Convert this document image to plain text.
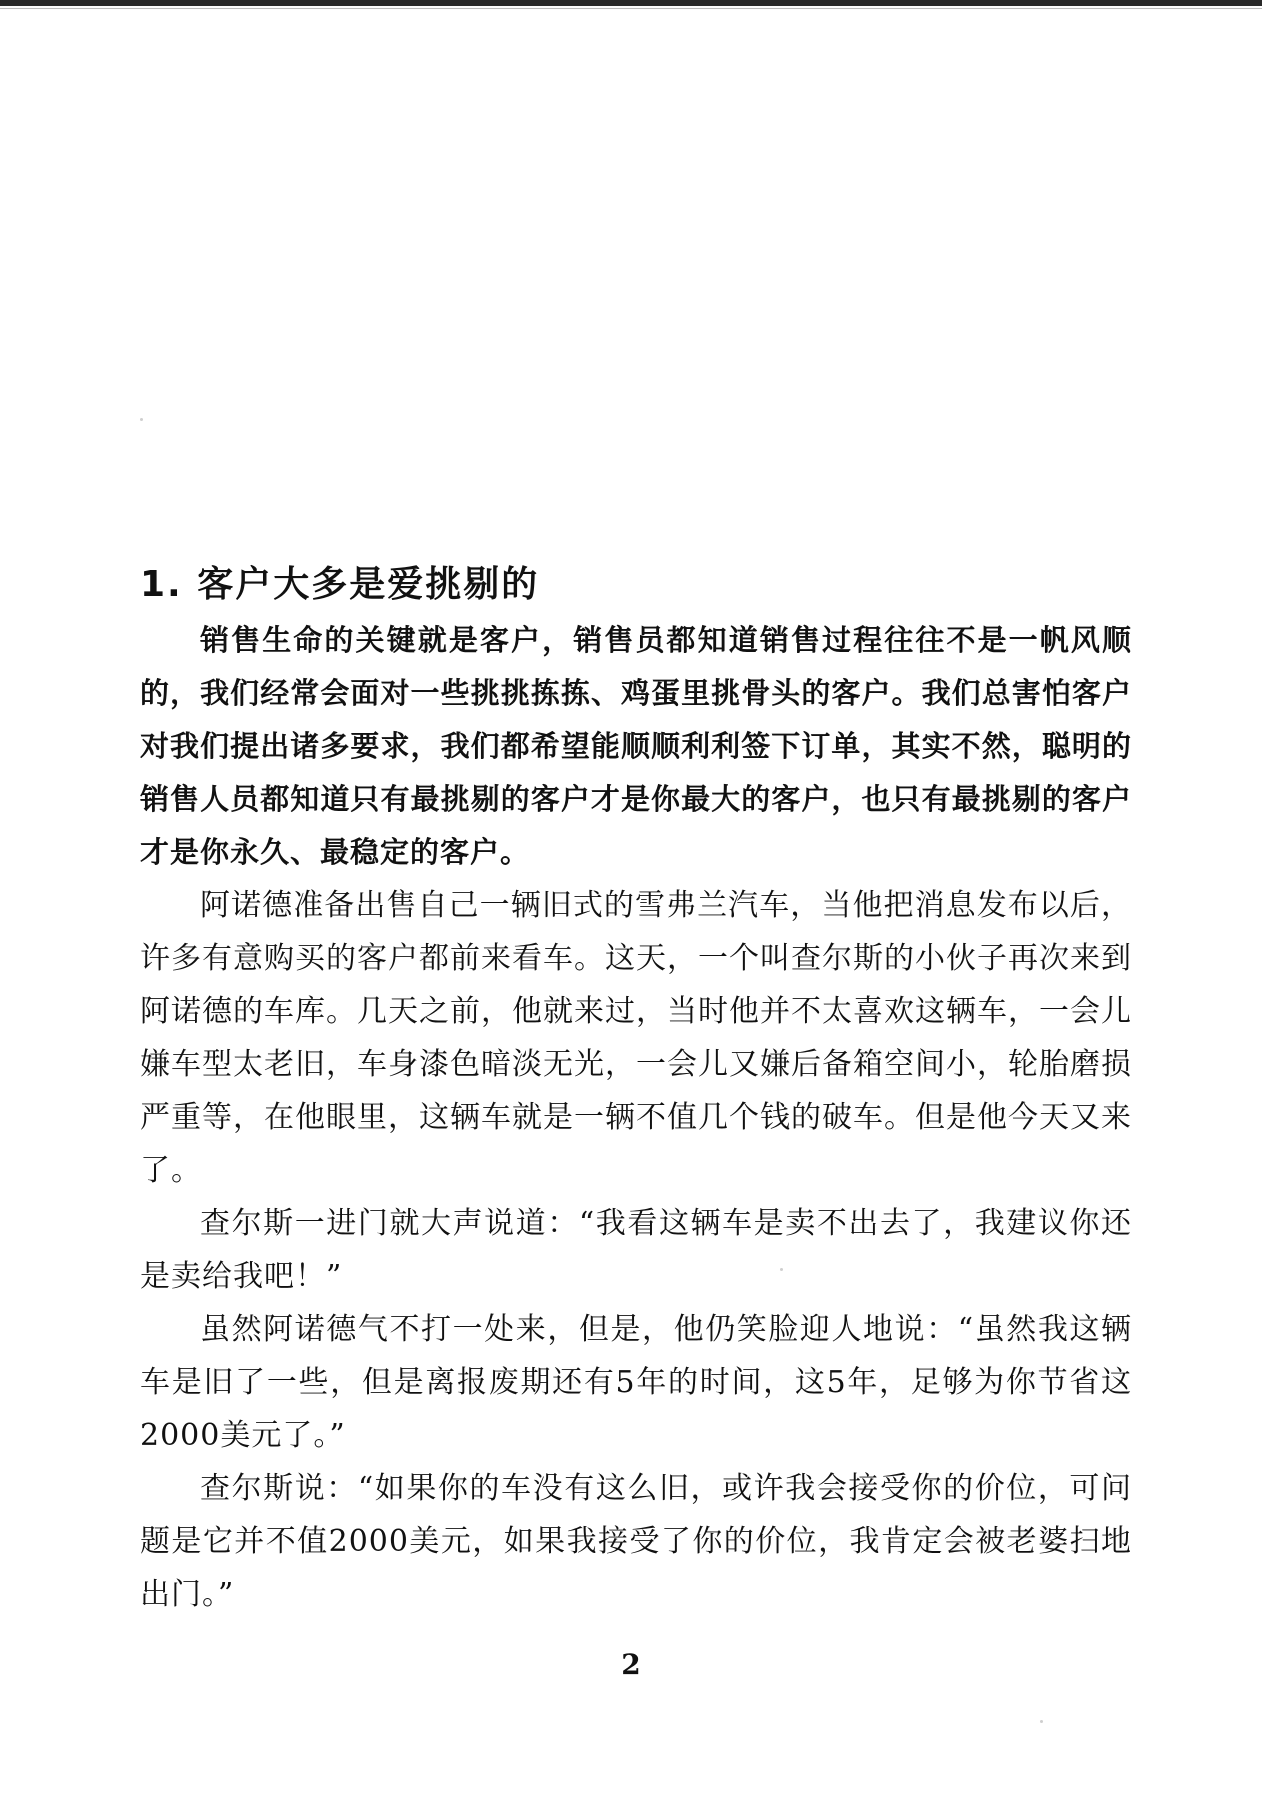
1. 客户大多是爱挑剔的

销售生命的关键就是客户，销售员都知道销售过程往往不是一帆风顺的，我们经常会面对一些挑挑拣拣、鸡蛋里挑骨头的客户。我们总害怕客户对我们提出诸多要求，我们都希望能顺顺利利签下订单，其实不然，聪明的销售人员都知道只有最挑剔的客户才是你最大的客户，也只有最挑剔的客户才是你永久、最稳定的客户。

阿诺德准备出售自己一辆旧式的雪弗兰汽车，当他把消息发布以后，许多有意购买的客户都前来看车。这天，一个叫查尔斯的小伙子再次来到阿诺德的车库。几天之前，他就来过，当时他并不太喜欢这辆车，一会儿嫌车型太老旧，车身漆色暗淡无光，一会儿又嫌后备箱空间小，轮胎磨损严重等，在他眼里，这辆车就是一辆不值几个钱的破车。但是他今天又来了。

查尔斯一进门就大声说道：“我看这辆车是卖不出去了，我建议你还是卖给我吧！”

虽然阿诺德气不打一处来，但是，他仍笑脸迎人地说：“虽然我这辆车是旧了一些，但是离报废期还有5年的时间，这5年，足够为你节省这2000美元了。”

查尔斯说：“如果你的车没有这么旧，或许我会接受你的价位，可问题是它并不值2000美元，如果我接受了你的价位，我肯定会被老婆扫地出门。”

2
